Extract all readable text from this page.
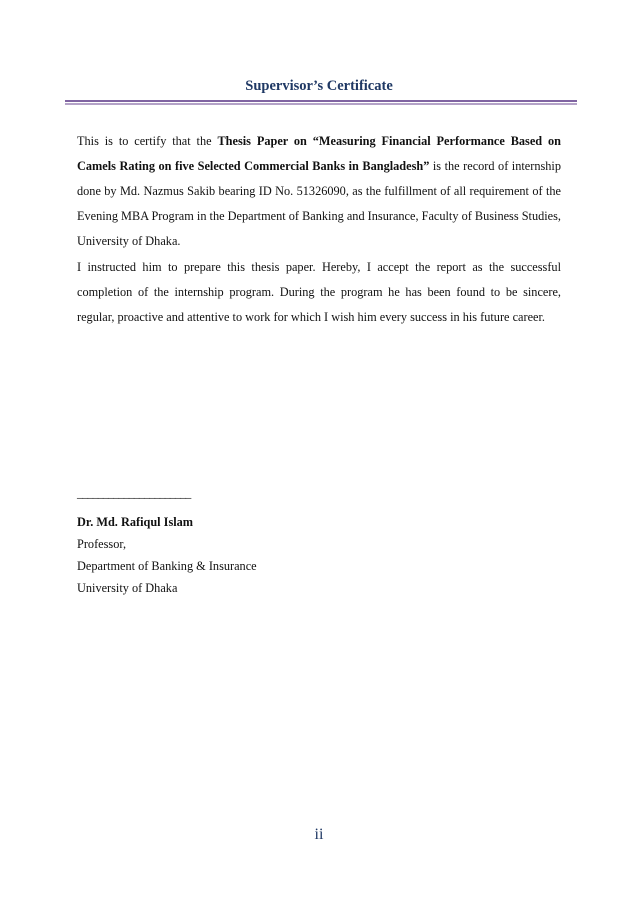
Supervisor’s Certificate

This is to certify that the Thesis Paper on “Measuring Financial Performance Based on Camels Rating on five Selected Commercial Banks in Bangladesh” is the record of internship done by Md. Nazmus Sakib bearing ID No. 51326090, as the fulfillment of all requirement of the Evening MBA Program in the Department of Banking and Insurance, Faculty of Business Studies, University of Dhaka.

I instructed him to prepare this thesis paper. Hereby, I accept the report as the successful completion of the internship program. During the program he has been found to be sincere, regular, proactive and attentive to work for which I wish him every success in his future career.

______________________
Dr. Md. Rafiqul Islam
Professor,
Department of Banking & Insurance
University of Dhaka
ii
